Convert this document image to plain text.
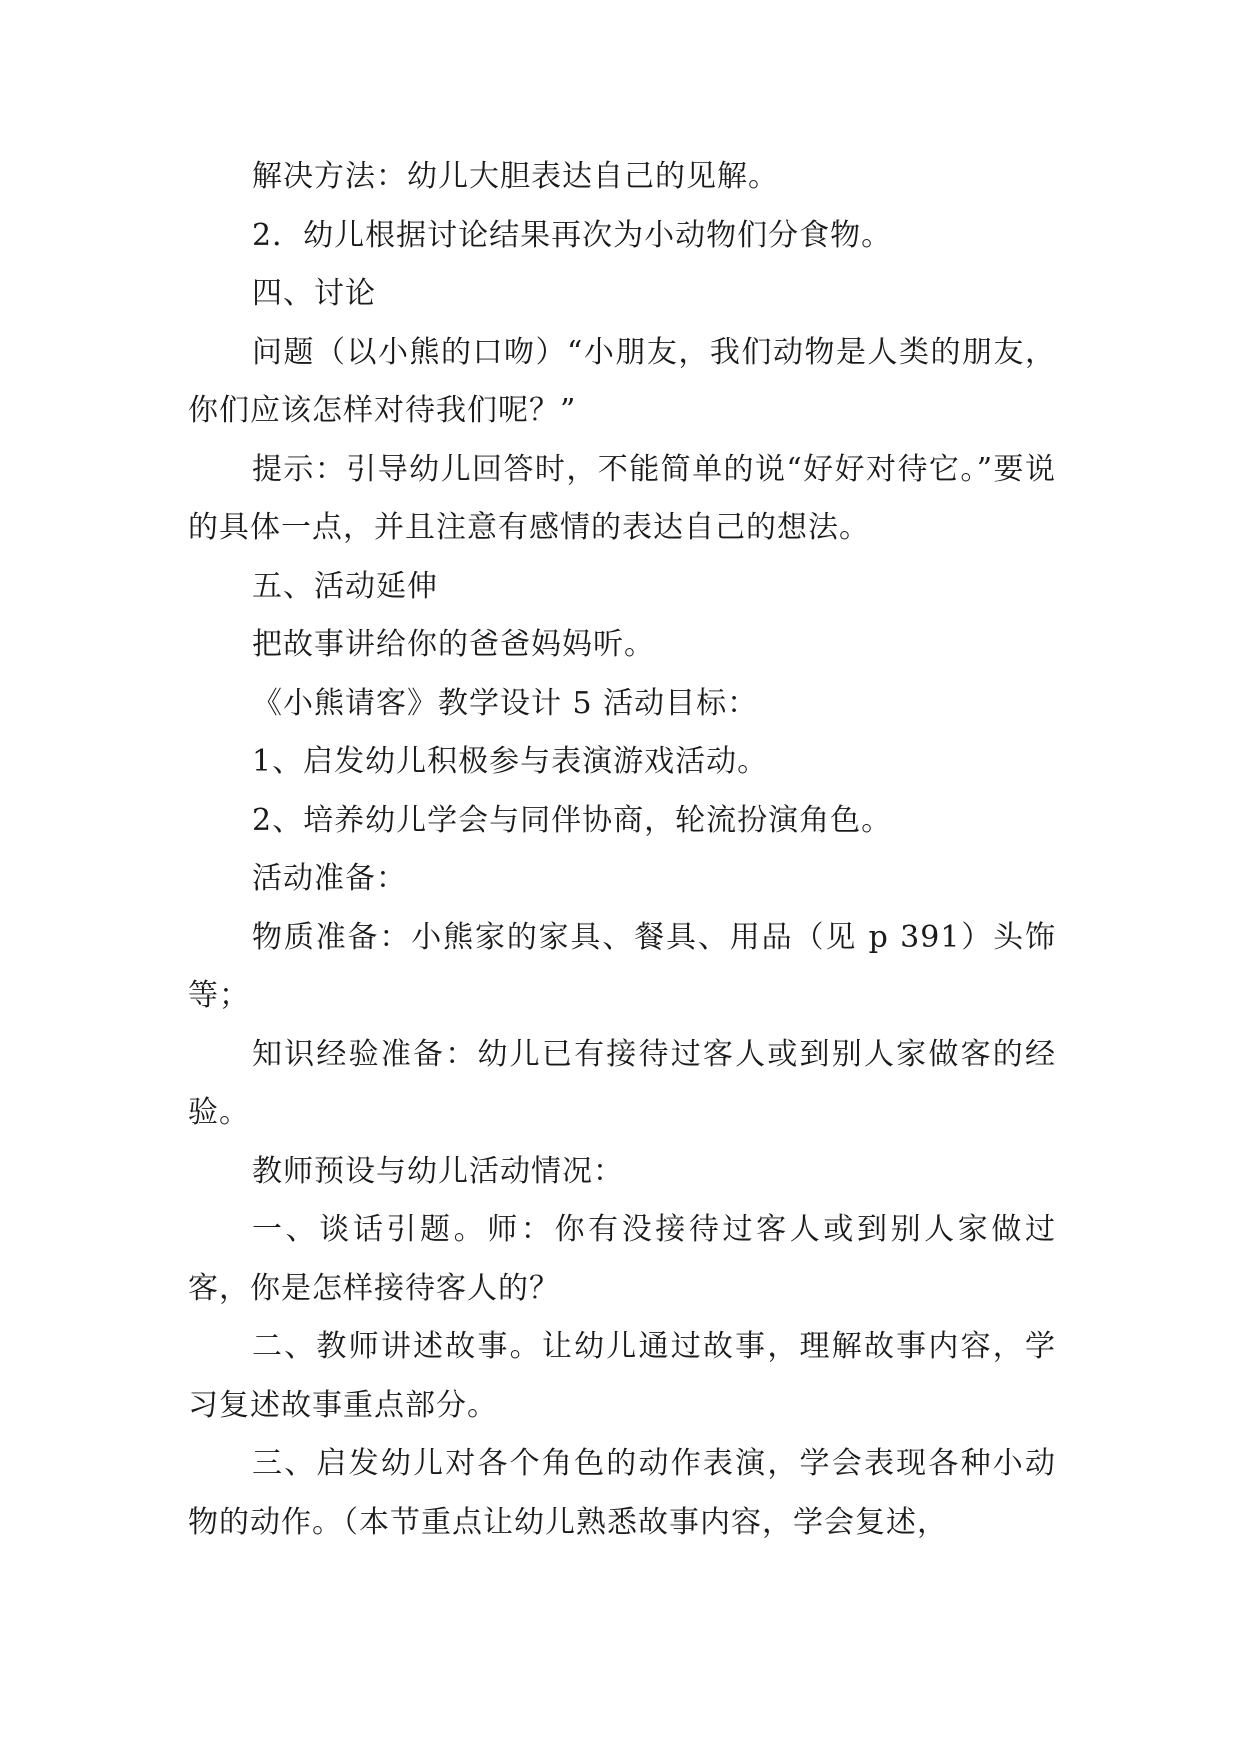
解决方法：幼儿大胆表达自己的见解。

2．幼儿根据讨论结果再次为小动物们分食物。

四、讨论

问题（以小熊的口吻）“小朋友，我们动物是人类的朋友，你们应该怎样对待我们呢？”

提示：引导幼儿回答时，不能简单的说“好好对待它。”要说的具体一点，并且注意有感情的表达自己的想法。

五、活动延伸

把故事讲给你的爸爸妈妈听。

《小熊请客》教学设计 5 活动目标：

1、启发幼儿积极参与表演游戏活动。

2、培养幼儿学会与同伴协商，轮流扮演角色。

活动准备：

物质准备：小熊家的家具、餐具、用品（见 p 391）头饰等；

知识经验准备：幼儿已有接待过客人或到别人家做客的经验。

教师预设与幼儿活动情况：

一、谈话引题。师：你有没接待过客人或到别人家做过客，你是怎样接待客人的？

二、教师讲述故事。让幼儿通过故事，理解故事内容，学习复述故事重点部分。

三、启发幼儿对各个角色的动作表演，学会表现各种小动物的动作。（本节重点让幼儿熟悉故事内容，学会复述，
